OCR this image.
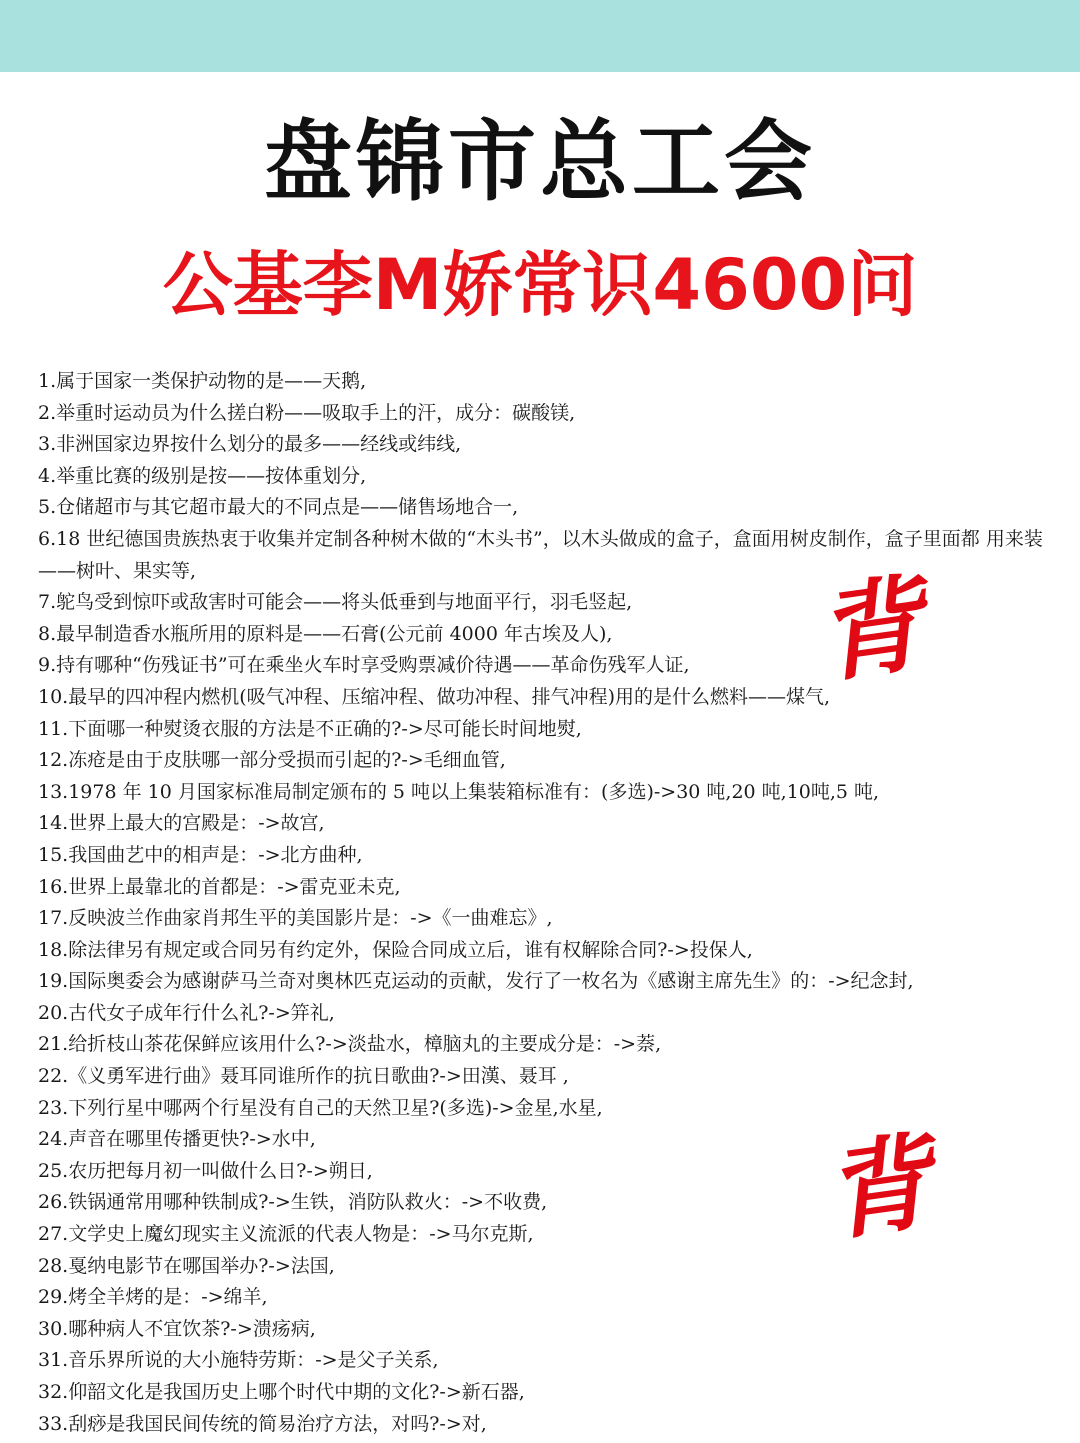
盘锦市总工会
公基李M娇常识4600问
1.属于国家一类保护动物的是——天鹅,
2.举重时运动员为什么搓白粉——吸取手上的汗，成分：碳酸镁,
3.非洲国家边界按什么划分的最多——经线或纬线,
4.举重比赛的级别是按——按体重划分,
5.仓储超市与其它超市最大的不同点是——储售场地合一,
6.18 世纪德国贵族热衷于收集并定制各种树木做的“木头书”，以木头做成的盒子，盒面用树皮制作，盒子里面都 用来装——树叶、果实等,
7.鸵鸟受到惊吓或敌害时可能会——将头低垂到与地面平行，羽毛竖起,
8.最早制造香水瓶所用的原料是——石膏(公元前 4000 年古埃及人),
9.持有哪种“伤残证书”可在乘坐火车时享受购票减价待遇——革命伤残军人证,
10.最早的四冲程内燃机(吸气冲程、压缩冲程、做功冲程、排气冲程)用的是什么燃料——煤气,
11.下面哪一种熨烫衣服的方法是不正确的?->尽可能长时间地熨,
12.冻疮是由于皮肤哪一部分受损而引起的?->毛细血管,
13.1978 年 10 月国家标准局制定颁布的 5 吨以上集装箱标准有：(多选)->30 吨,20 吨,10吨,5 吨,
14.世界上最大的宫殿是：->故宫,
15.我国曲艺中的相声是：->北方曲种,
16.世界上最靠北的首都是：->雷克亚未克,
17.反映波兰作曲家肖邦生平的美国影片是：->《一曲难忘》,
18.除法律另有规定或合同另有约定外，保险合同成立后，谁有权解除合同?->投保人,
19.国际奥委会为感谢萨马兰奇对奥林匹克运动的贡献，发行了一枚名为《感谢主席先生》的：->纪念封,
20.古代女子成年行什么礼?->笄礼,
21.给折枝山茶花保鲜应该用什么?->淡盐水，樟脑丸的主要成分是：->萘,
22.《义勇军进行曲》聂耳同谁所作的抗日歌曲?->田漢、聂耳 ,
23.下列行星中哪两个行星没有自己的天然卫星?(多选)->金星,水星,
24.声音在哪里传播更快?->水中,
25.农历把每月初一叫做什么日?->朔日,
26.铁锅通常用哪种铁制成?->生铁，消防队救火：->不收费,
27.文学史上魔幻现实主义流派的代表人物是：->马尔克斯,
28.戛纳电影节在哪国举办?->法国,
29.烤全羊烤的是：->绵羊,
30.哪种病人不宜饮茶?->溃疡病,
31.音乐界所说的大小施特劳斯：->是父子关系,
32.仰韶文化是我国历史上哪个时代中期的文化?->新石器,
33.刮痧是我国民间传统的简易治疗方法，对吗?->对,
背
背
